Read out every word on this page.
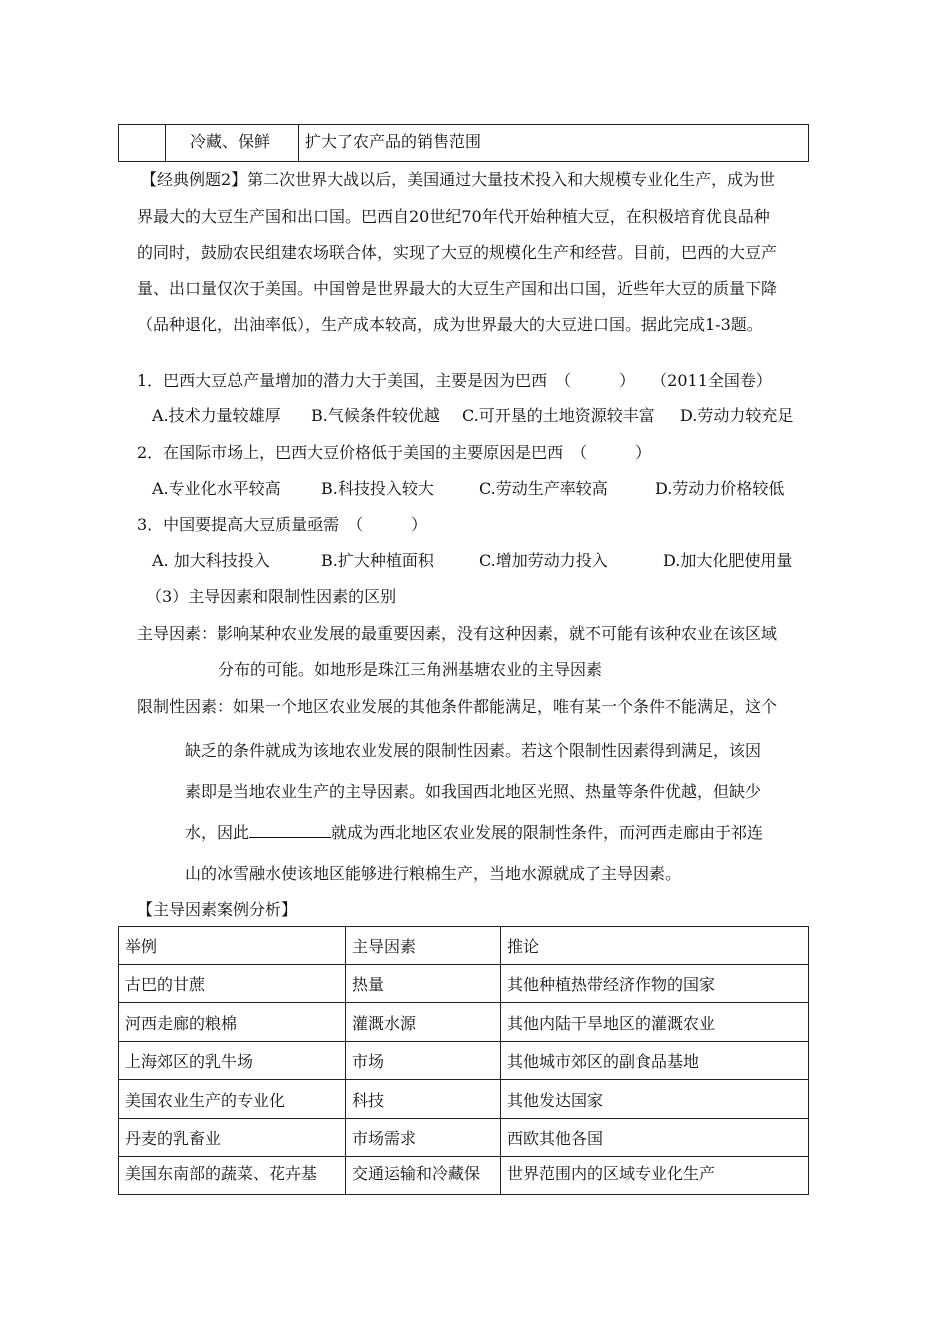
	冷藏、保鲜	扩大了农产品的销售范围
【经典例题2】第二次世界大战以后，美国通过大量技术投入和大规模专业化生产，成为世
界最大的大豆生产国和出口国。巴西自20世纪70年代开始种植大豆，在积极培育优良品种
的同时，鼓励农民组建农场联合体，实现了大豆的规模化生产和经营。目前，巴西的大豆产
量、出口量仅次于美国。中国曾是世界最大的大豆生产国和出口国，近些年大豆的质量下降
（品种退化，出油率低），生产成本较高，成为世界最大的大豆进口国。据此完成1-3题。
1．巴西大豆总产量增加的潜力大于美国，主要是因为巴西　（　　　）　　（2011全国卷）
A.技术力量较雄厚 B.气候条件较优越 C.可开垦的土地资源较丰富 D.劳动力较充足
2．在国际市场上，巴西大豆价格低于美国的主要原因是巴西　（　　　）
A.专业化水平较高	B.科技投入较大	C.劳动生产率较高	D.劳动力价格较低
3．中国要提高大豆质量亟需　（　　　）
A. 加大科技投入	B.扩大种植面积	C.增加劳动力投入	D.加大化肥使用量
（3）主导因素和限制性因素的区别
主导因素：影响某种农业发展的最重要因素，没有这种因素，就不可能有该种农业在该区域
分布的可能。如地形是珠江三角洲基塘农业的主导因素
限制性因素：如果一个地区农业发展的其他条件都能满足，唯有某一个条件不能满足，这个
缺乏的条件就成为该地农业发展的限制性因素。若这个限制性因素得到满足，该因
素即是当地农业生产的主导因素。如我国西北地区光照、热量等条件优越，但缺少
水，因此	就成为西北地区农业发展的限制性条件，而河西走廊由于祁连
山的冰雪融水使该地区能够进行粮棉生产，当地水源就成了主导因素。
【主导因素案例分析】
举例	主导因素	推论
古巴的甘蔗	热量	其他种植热带经济作物的国家
河西走廊的粮棉	灌溉水源	其他内陆干旱地区的灌溉农业
上海郊区的乳牛场	市场	其他城市郊区的副食品基地
美国农业生产的专业化	科技	其他发达国家
丹麦的乳畜业	市场需求	西欧其他各国
美国东南部的蔬菜、花卉基	交通运输和冷藏保	世界范围内的区域专业化生产
